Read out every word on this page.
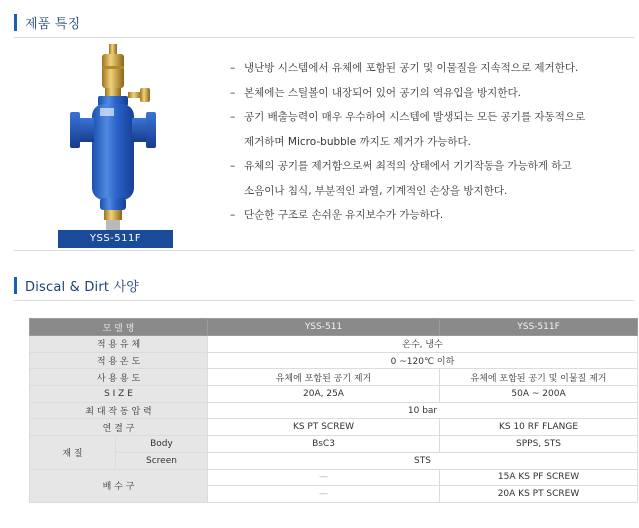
제품 특징
YSS-511F
– 냉난방 시스템에서 유체에 포함된 공기 및 이물질을 지속적으로 제거한다.
– 본체에는 스틸볼이 내장되어 있어 공기의 역유입을 방지한다.
– 공기 배출능력이 매우 우수하여 시스템에 발생되는 모든 공기를 자동적으로
제거하며 Micro-bubble 까지도 제거가 가능하다.
– 유체의 공기를 제거함으로써 최적의 상태에서 기기작동을 가능하게 하고
소음이나 침식, 부분적인 과열, 기계적인 손상을 방지한다.
– 단순한 구조로 손쉬운 유지보수가 가능하다.
Discal & Dirt 사양
모 델 명		YSS-511	YSS-511F
적 용 유 체		온수, 냉수	
적 용 온 도		0 ~120℃ 이하	
사 용 용 도		유체에 포함된 공기 제거	유체에 포함된 공기 및 이물질 제거
S I Z E		20A, 25A	50A ~ 200A
최 대 작 동 압 력		10 bar	
연 결 구		KS PT SCREW	KS 10 RF FLANGE
재 질	Body	BsC3	SPPS, STS
	Screen	STS	
배 수 구		—	15A KS PF SCREW
		—	20A KS PT SCREW
